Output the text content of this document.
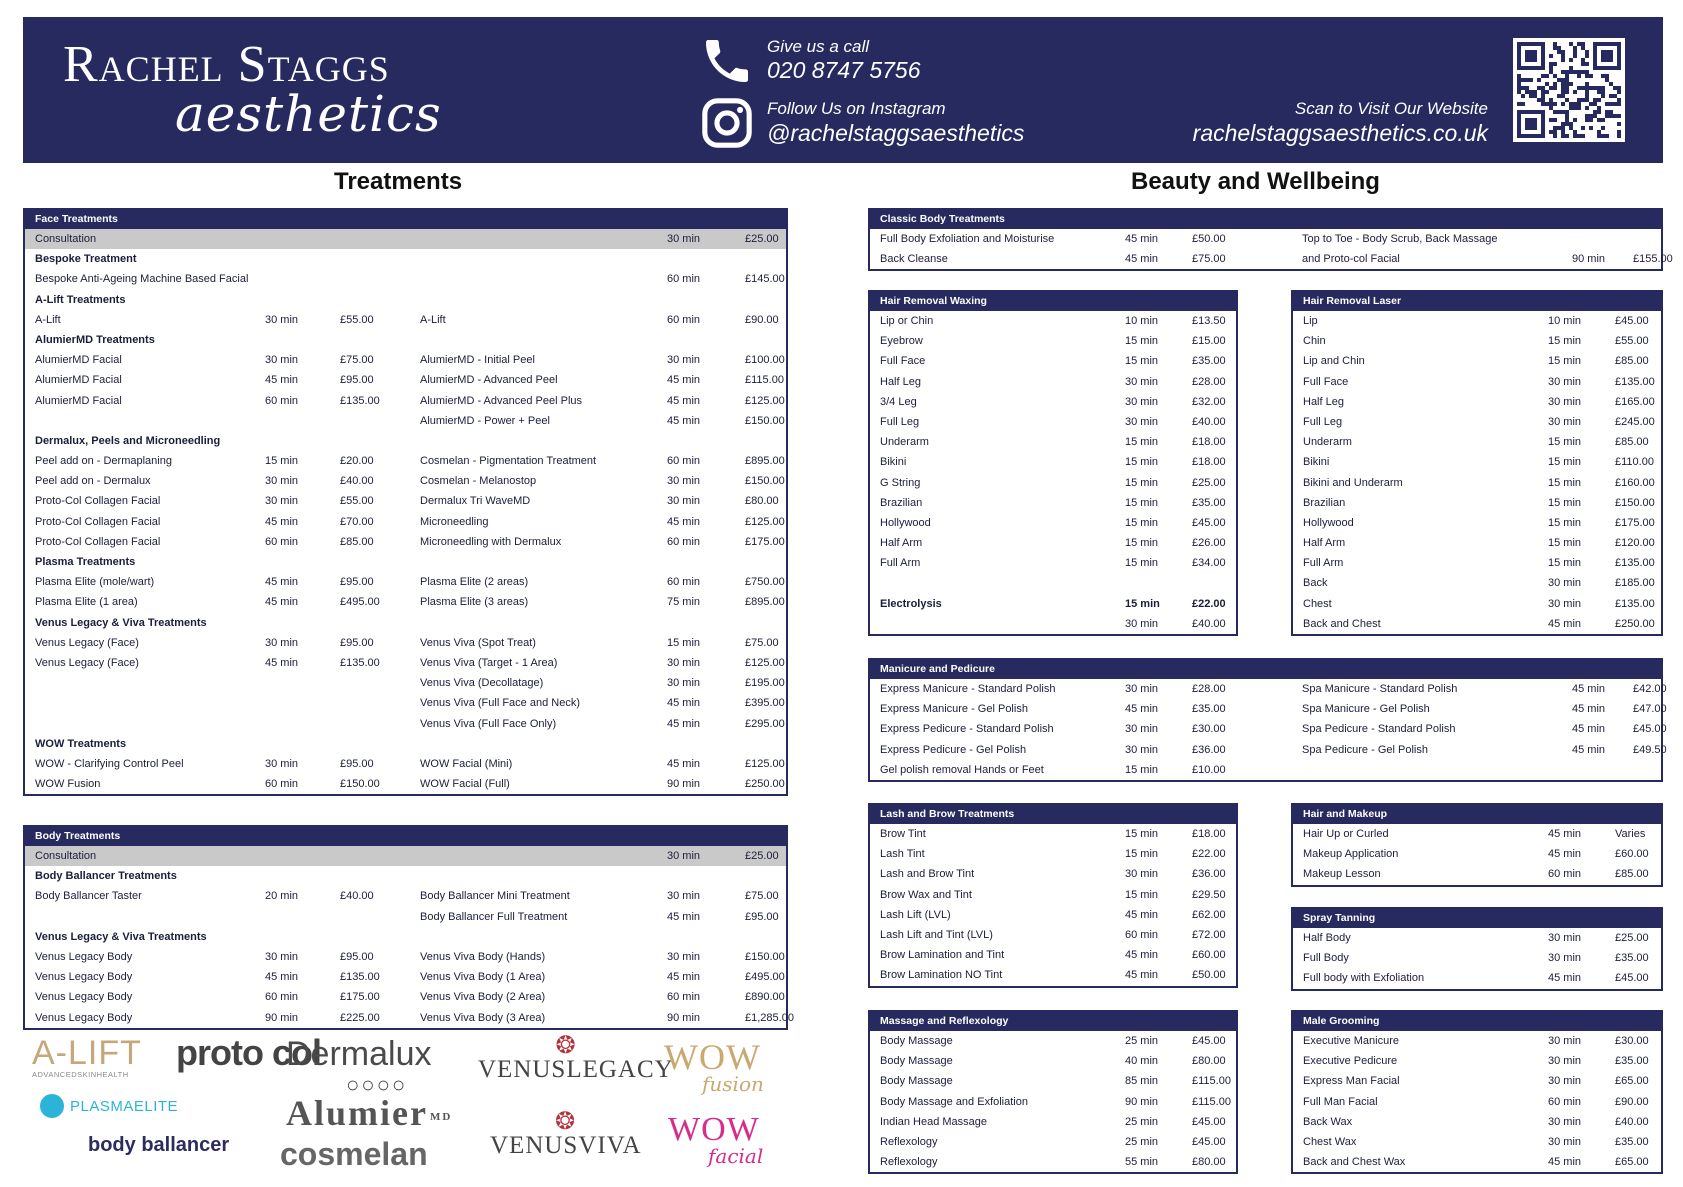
Rachel Staggs
aesthetics
Give us a call
020 8747 5756
Follow Us on Instagram
@rachelstaggsaesthetics
Scan to Visit Our Website
rachelstaggsaesthetics.co.uk
Treatments	Beauty and Wellbeing
Face Treatments
Consultation	30 min	£25.00
Bespoke Treatment
Bespoke Anti-Ageing Machine Based Facial	60 min	£145.00
A-Lift Treatments
A-Lift	30 min	£55.00	A-Lift	60 min	£90.00
AlumierMD Treatments
AlumierMD Facial	30 min	£75.00	AlumierMD - Initial Peel	30 min	£100.00
AlumierMD Facial	45 min	£95.00	AlumierMD - Advanced Peel	45 min	£115.00
AlumierMD Facial	60 min	£135.00	AlumierMD - Advanced Peel Plus	45 min	£125.00
AlumierMD - Power + Peel	45 min	£150.00
Dermalux, Peels and Microneedling
Peel add on - Dermaplaning	15 min	£20.00	Cosmelan - Pigmentation Treatment	60 min	£895.00
Peel add on - Dermalux	30 min	£40.00	Cosmelan - Melanostop	30 min	£150.00
Proto-Col Collagen Facial	30 min	£55.00	Dermalux Tri WaveMD	30 min	£80.00
Proto-Col Collagen Facial	45 min	£70.00	Microneedling	45 min	£125.00
Proto-Col Collagen Facial	60 min	£85.00	Microneedling with Dermalux	60 min	£175.00
Plasma Treatments
Plasma Elite (mole/wart)	45 min	£95.00	Plasma Elite (2 areas)	60 min	£750.00
Plasma Elite (1 area)	45 min	£495.00	Plasma Elite (3 areas)	75 min	£895.00
Venus Legacy & Viva Treatments
Venus Legacy (Face)	30 min	£95.00	Venus Viva (Spot Treat)	15 min	£75.00
Venus Legacy (Face)	45 min	£135.00	Venus Viva (Target - 1 Area)	30 min	£125.00
Venus Viva (Decollatage)	30 min	£195.00
Venus Viva (Full Face and Neck)	45 min	£395.00
Venus Viva (Full Face Only)	45 min	£295.00
WOW Treatments
WOW - Clarifying Control Peel	30 min	£95.00	WOW Facial (Mini)	45 min	£125.00
WOW Fusion	60 min	£150.00	WOW Facial (Full)	90 min	£250.00
Body Treatments
Consultation	30 min	£25.00
Body Ballancer Treatments
Body Ballancer Taster	20 min	£40.00	Body Ballancer Mini Treatment	30 min	£75.00
Body Ballancer Full Treatment	45 min	£95.00
Venus Legacy & Viva Treatments
Venus Legacy Body	30 min	£95.00	Venus Viva Body (Hands)	30 min	£150.00
Venus Legacy Body	45 min	£135.00	Venus Viva Body (1 Area)	45 min	£495.00
Venus Legacy Body	60 min	£175.00	Venus Viva Body (2 Area)	60 min	£890.00
Venus Legacy Body	90 min	£225.00	Venus Viva Body (3 Area)	90 min	£1,285.00
Classic Body Treatments
Full Body Exfoliation and Moisturise	45 min	£50.00	Top to Toe - Body Scrub, Back Massage
Back Cleanse	45 min	£75.00	and Proto-col Facial	90 min	£155.00
Hair Removal Waxing
Lip or Chin	10 min	£13.50
Eyebrow	15 min	£15.00
Full Face	15 min	£35.00
Half Leg	30 min	£28.00
3/4 Leg	30 min	£32.00
Full Leg	30 min	£40.00
Underarm	15 min	£18.00
Bikini	15 min	£18.00
G String	15 min	£25.00
Brazilian	15 min	£35.00
Hollywood	15 min	£45.00
Half Arm	15 min	£26.00
Full Arm	15 min	£34.00
Electrolysis	15 min	£22.00
30 min	£40.00
Hair Removal Laser
Lip	10 min	£45.00
Chin	15 min	£55.00
Lip and Chin	15 min	£85.00
Full Face	30 min	£135.00
Half Leg	30 min	£165.00
Full Leg	30 min	£245.00
Underarm	15 min	£85.00
Bikini	15 min	£110.00
Bikini and Underarm	15 min	£160.00
Brazilian	15 min	£150.00
Hollywood	15 min	£175.00
Half Arm	15 min	£120.00
Full Arm	15 min	£135.00
Back	30 min	£185.00
Chest	30 min	£135.00
Back and Chest	45 min	£250.00
Manicure and Pedicure
Express Manicure - Standard Polish	30 min	£28.00	Spa Manicure - Standard Polish	45 min	£42.00
Express Manicure - Gel Polish	45 min	£35.00	Spa Manicure - Gel Polish	45 min	£47.00
Express Pedicure - Standard Polish	30 min	£30.00	Spa Pedicure - Standard Polish	45 min	£45.00
Express Pedicure - Gel Polish	30 min	£36.00	Spa Pedicure - Gel Polish	45 min	£49.50
Gel polish removal Hands or Feet	15 min	£10.00
Lash and Brow Treatments
Brow Tint	15 min	£18.00
Lash Tint	15 min	£22.00
Lash and Brow Tint	30 min	£36.00
Brow Wax and Tint	15 min	£29.50
Lash Lift (LVL)	45 min	£62.00
Lash Lift and Tint (LVL)	60 min	£72.00
Brow Lamination and Tint	45 min	£60.00
Brow Lamination NO Tint	45 min	£50.00
Hair and Makeup
Hair Up or Curled	45 min	Varies
Makeup Application	45 min	£60.00
Makeup Lesson	60 min	£85.00
Spray Tanning
Half Body	30 min	£25.00
Full Body	30 min	£35.00
Full body with Exfoliation	45 min	£45.00
Massage and Reflexology
Body Massage	25 min	£45.00
Body Massage	40 min	£80.00
Body Massage	85 min	£115.00
Body Massage and Exfoliation	90 min	£115.00
Indian Head Massage	25 min	£45.00
Reflexology	25 min	£45.00
Reflexology	55 min	£80.00
Male Grooming
Executive Manicure	30 min	£30.00
Executive Pedicure	30 min	£35.00
Express Man Facial	30 min	£65.00
Full Man Facial	60 min	£90.00
Back Wax	30 min	£40.00
Chest Wax	30 min	£35.00
Back and Chest Wax	45 min	£65.00
A-LIFT
ADVANCEDSKINHEALTH
proto col
Dermalux
○○○○
Alumier MD
cosmelan
PLASMAELITE
body ballancer
❂
VENUSLEGACY
❂
VENUSVIVA
WOW
fusion
WOW
facial
